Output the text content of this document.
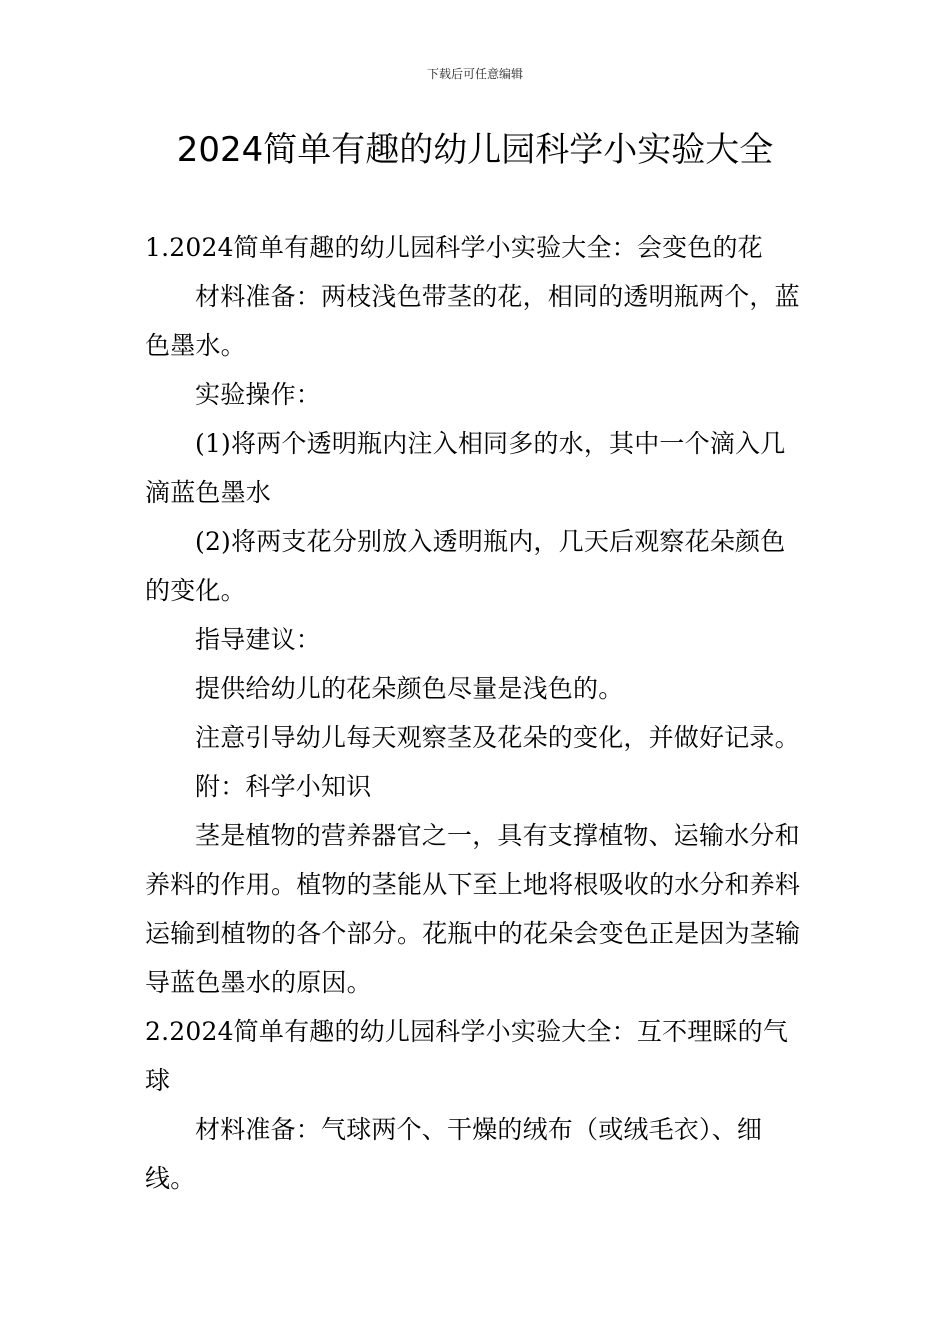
下载后可任意编辑
2024简单有趣的幼儿园科学小实验大全

1.2024简单有趣的幼儿园科学小实验大全：会变色的花

材料准备：两枝浅色带茎的花，相同的透明瓶两个，蓝色墨水。

实验操作：

(1)将两个透明瓶内注入相同多的水，其中一个滴入几滴蓝色墨水

(2)将两支花分别放入透明瓶内，几天后观察花朵颜色的变化。

指导建议：

提供给幼儿的花朵颜色尽量是浅色的。

注意引导幼儿每天观察茎及花朵的变化，并做好记录。

附：科学小知识

茎是植物的营养器官之一，具有支撑植物、运输水分和养料的作用。植物的茎能从下至上地将根吸收的水分和养料运输到植物的各个部分。花瓶中的花朵会变色正是因为茎输导蓝色墨水的原因。

2.2024简单有趣的幼儿园科学小实验大全：互不理睬的气球

材料准备：气球两个、干燥的绒布（或绒毛衣）、细线。
